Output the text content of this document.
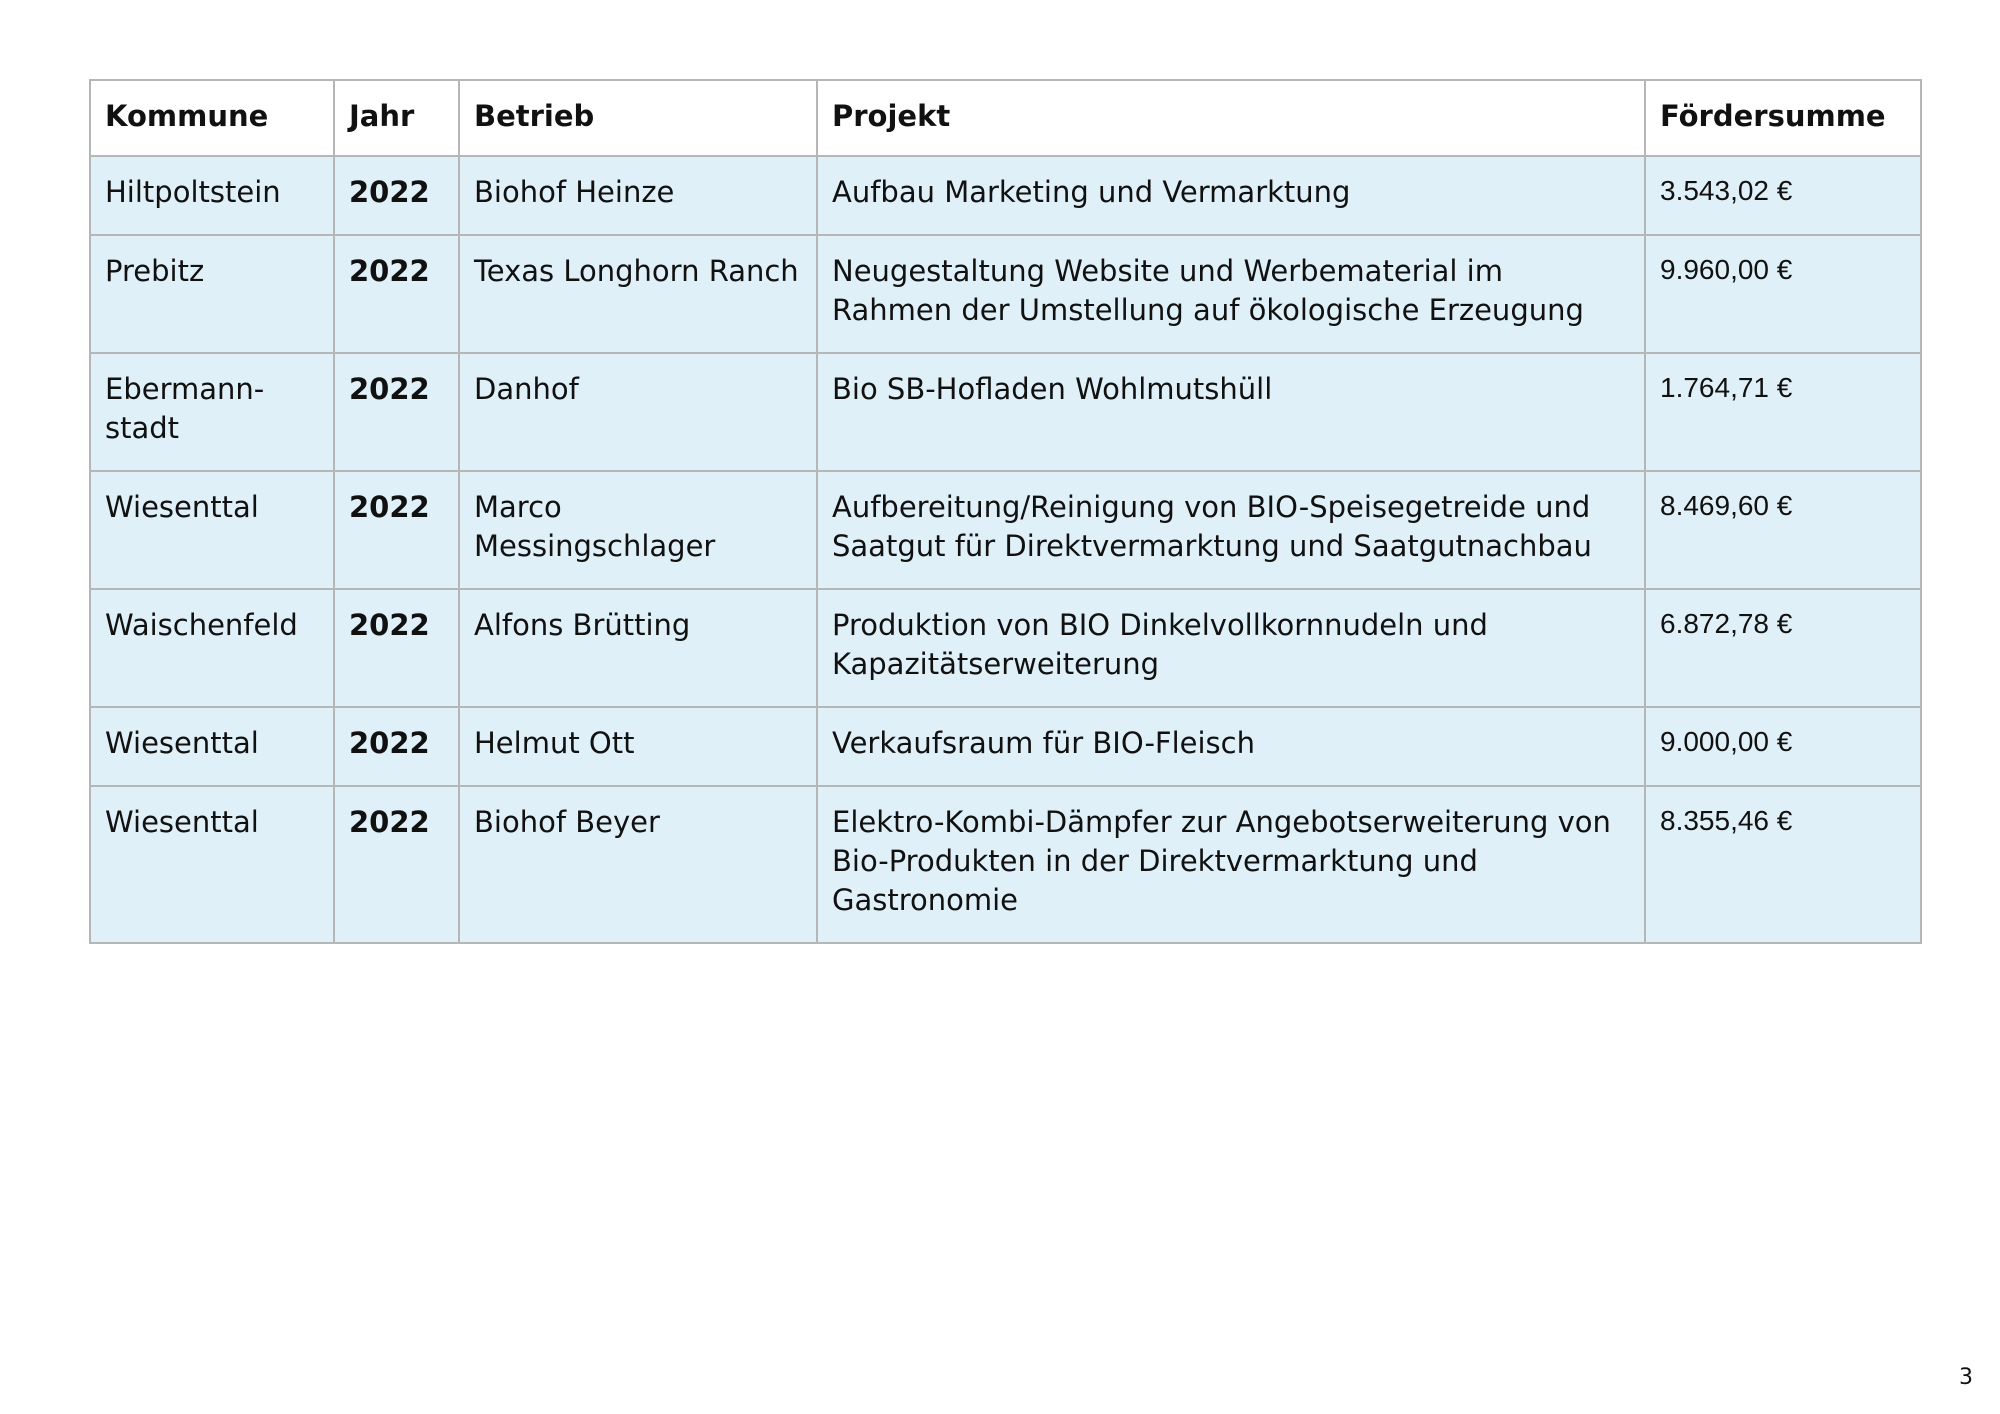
Kommune	Jahr	Betrieb	Projekt	Fördersumme
Hiltpoltstein	2022	Biohof Heinze	Aufbau Marketing und Vermarktung	3.543,02 €
Prebitz	2022	Texas Longhorn Ranch	Neugestaltung Website und Werbematerial im Rahmen der Umstellung auf ökologische Erzeugung	9.960,00 €
Ebermann-stadt	2022	Danhof	Bio SB-Hofladen Wohlmutshüll	1.764,71 €
Wiesenttal	2022	Marco Messingschlager	Aufbereitung/Reinigung von BIO-Speisegetreide und Saatgut für Direktvermarktung und Saatgutnachbau	8.469,60 €
Waischenfeld	2022	Alfons Brütting	Produktion von BIO Dinkelvollkornnudeln und Kapazitätserweiterung	6.872,78 €
Wiesenttal	2022	Helmut Ott	Verkaufsraum für BIO-Fleisch	9.000,00 €
Wiesenttal	2022	Biohof Beyer	Elektro-Kombi-Dämpfer zur Angebotserweiterung von Bio-Produkten in der Direktvermarktung und Gastronomie	8.355,46 €
3
